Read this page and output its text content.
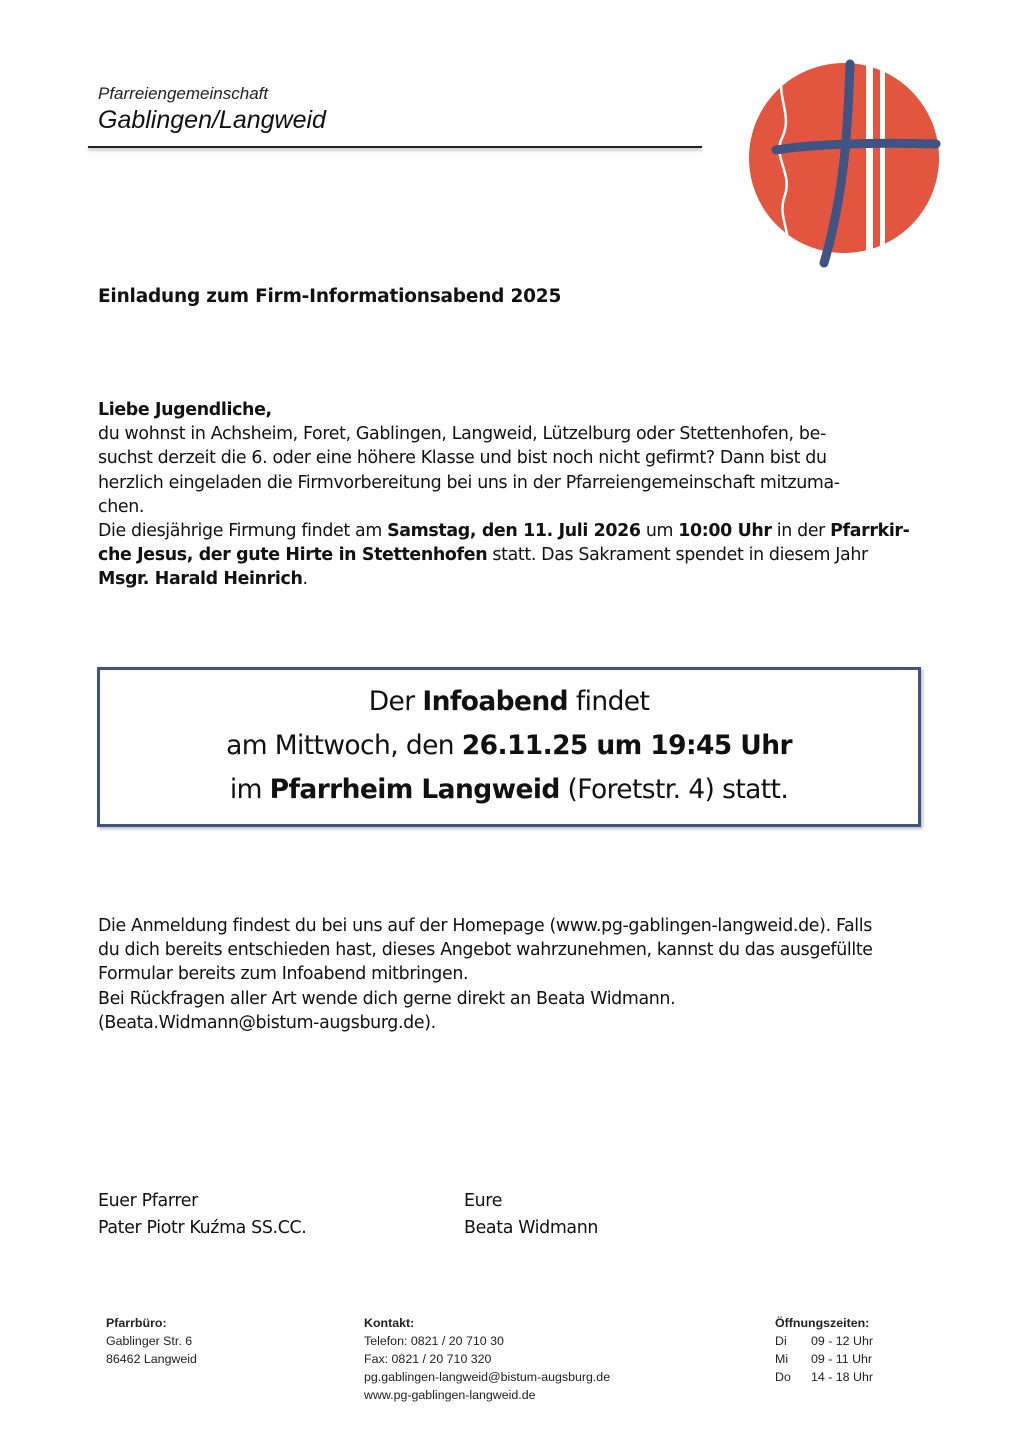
Pfarreiengemeinschaft
Gablingen/Langweid
Einladung zum Firm-Informationsabend 2025
Liebe Jugendliche,
du wohnst in Achsheim, Foret, Gablingen, Langweid, Lützelburg oder Stettenhofen, be-
suchst derzeit die 6. oder eine höhere Klasse und bist noch nicht gefirmt? Dann bist du
herzlich eingeladen die Firmvorbereitung bei uns in der Pfarreiengemeinschaft mitzuma-
chen.
Die diesjährige Firmung findet am Samstag, den 11. Juli 2026 um 10:00 Uhr in der Pfarrkir-
che Jesus, der gute Hirte in Stettenhofen statt. Das Sakrament spendet in diesem Jahr
Msgr. Harald Heinrich.
Der Infoabend findet
am Mittwoch, den 26.11.25 um 19:45 Uhr
im Pfarrheim Langweid (Foretstr. 4) statt.
Die Anmeldung findest du bei uns auf der Homepage (www.pg-gablingen-langweid.de). Falls
du dich bereits entschieden hast, dieses Angebot wahrzunehmen, kannst du das ausgefüllte
Formular bereits zum Infoabend mitbringen.
Bei Rückfragen aller Art wende dich gerne direkt an Beata Widmann.
(Beata.Widmann@bistum-augsburg.de).
Euer Pfarrer
Pater Piotr Kuźma SS.CC.
Eure
Beata Widmann
Pfarrbüro:
Gablinger Str. 6
86462 Langweid
Kontakt:
Telefon: 0821 / 20 710 30
Fax: 0821 / 20 710 320
pg.gablingen-langweid@bistum-augsburg.de
www.pg-gablingen-langweid.de
Öffnungszeiten:
Di 09 - 12 Uhr
Mi 09 - 11 Uhr
Do 14 - 18 Uhr
